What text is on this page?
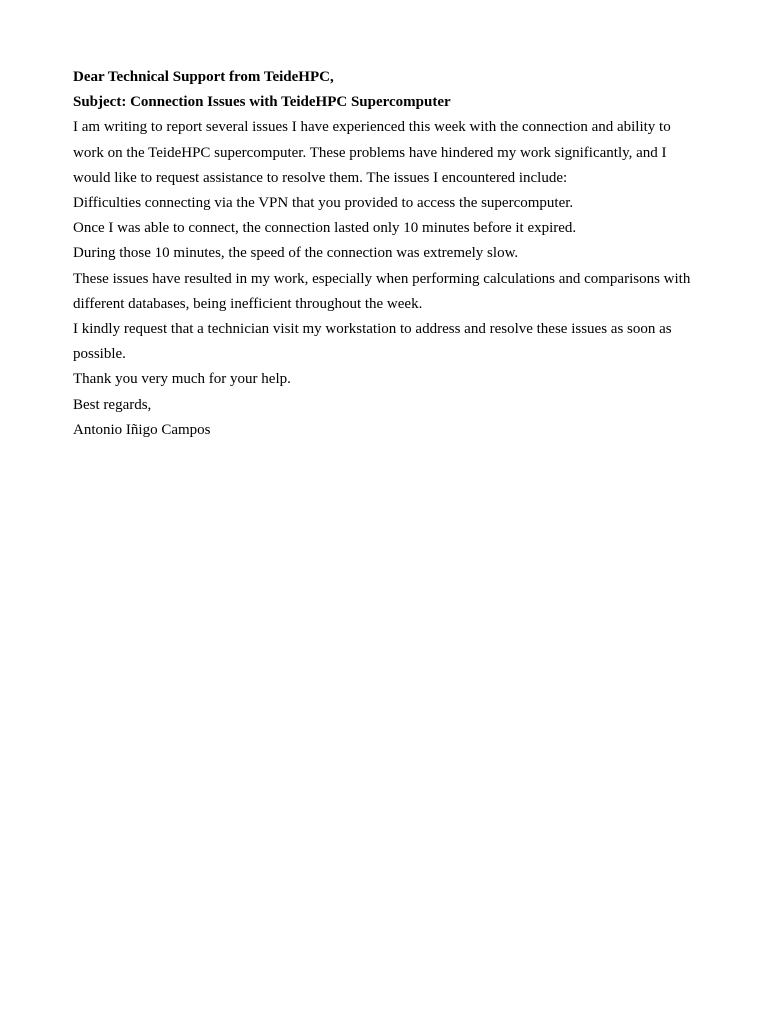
Dear Technical Support from TeideHPC,

Subject: Connection Issues with TeideHPC Supercomputer

I am writing to report several issues I have experienced this week with the connection and ability to work on the TeideHPC supercomputer. These problems have hindered my work significantly, and I would like to request assistance to resolve them. The issues I encountered include:

Difficulties connecting via the VPN that you provided to access the supercomputer.

Once I was able to connect, the connection lasted only 10 minutes before it expired.

During those 10 minutes, the speed of the connection was extremely slow.

These issues have resulted in my work, especially when performing calculations and comparisons with different databases, being inefficient throughout the week.

I kindly request that a technician visit my workstation to address and resolve these issues as soon as possible.

Thank you very much for your help.

Best regards,

Antonio Iñigo Campos
